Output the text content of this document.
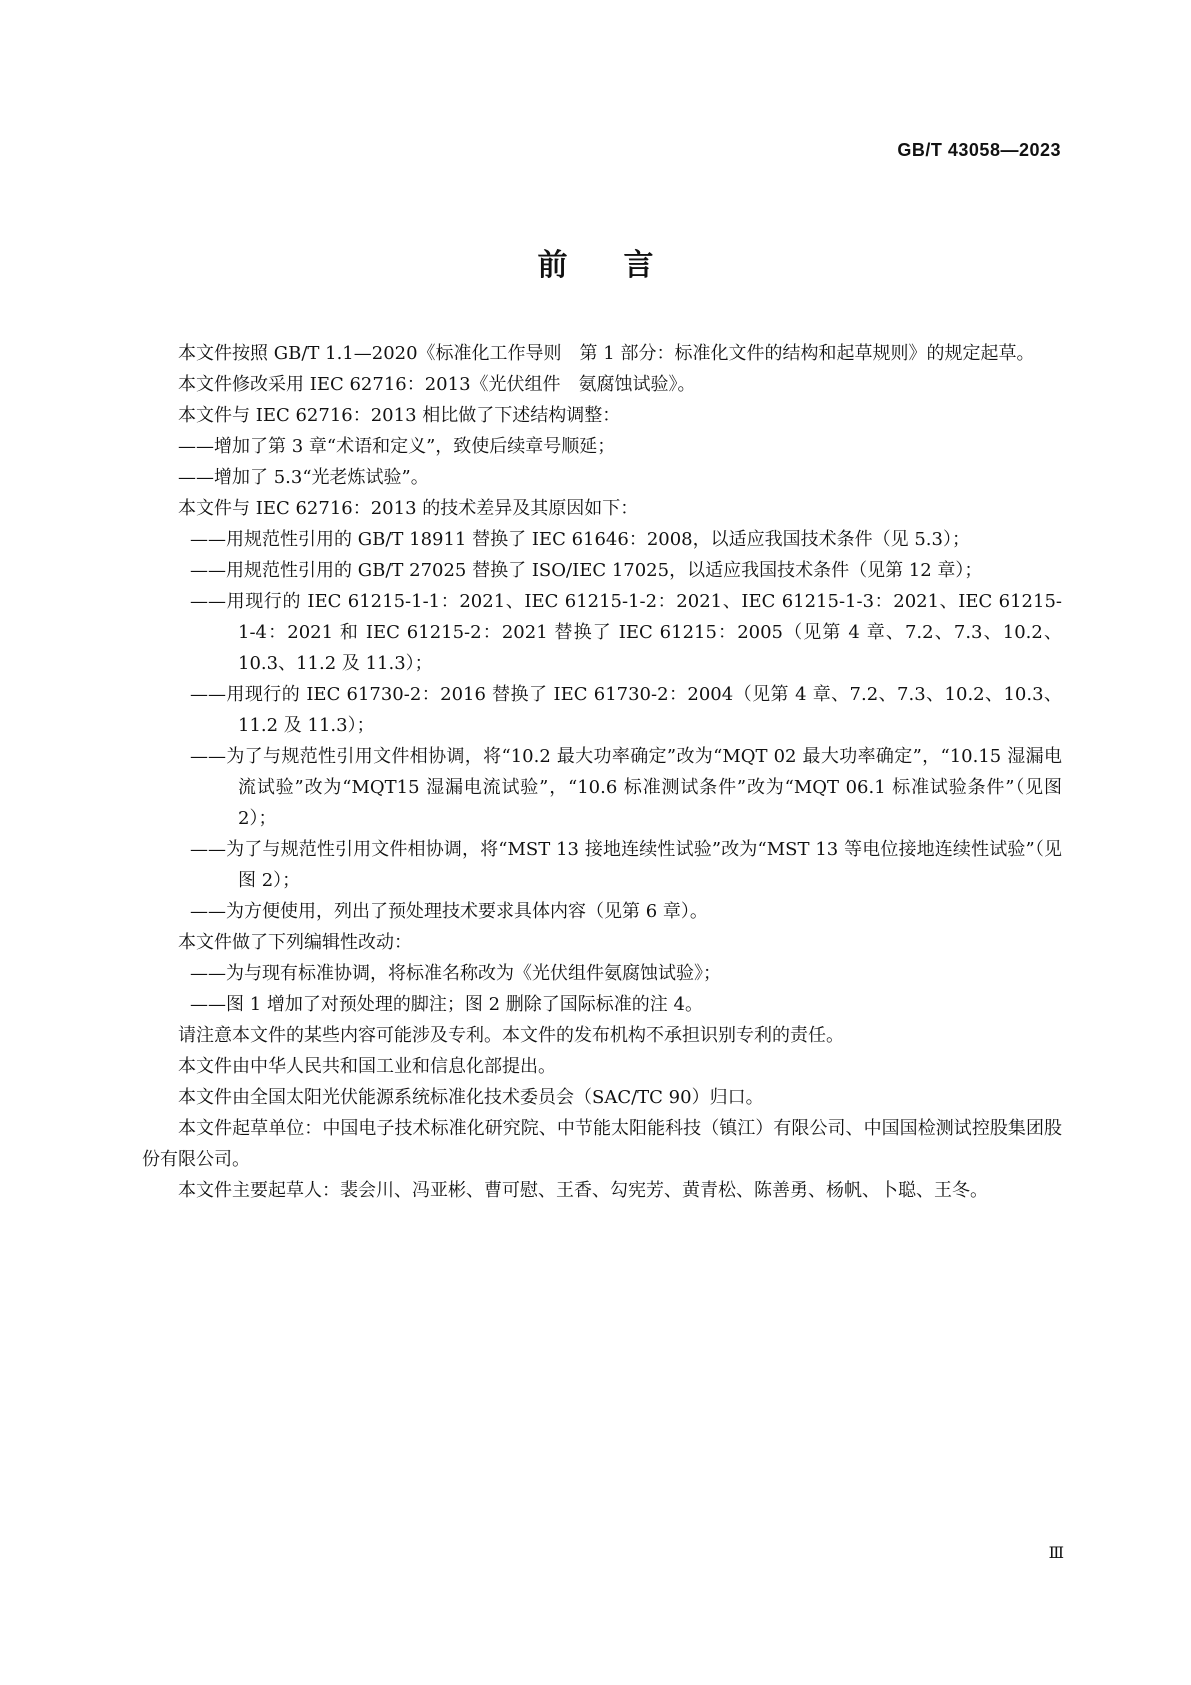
GB/T 43058—2023
前言

本文件按照 GB/T 1.1—2020《标准化工作导则　第 1 部分：标准化文件的结构和起草规则》的规定起草。

本文件修改采用 IEC 62716：2013《光伏组件　氨腐蚀试验》。

本文件与 IEC 62716：2013 相比做了下述结构调整：

——增加了第 3 章“术语和定义”，致使后续章号顺延；

——增加了 5.3“光老炼试验”。

本文件与 IEC 62716：2013 的技术差异及其原因如下：

——用规范性引用的 GB/T 18911 替换了 IEC 61646：2008，以适应我国技术条件（见 5.3）；

——用规范性引用的 GB/T 27025 替换了 ISO/IEC 17025，以适应我国技术条件（见第 12 章）；

——用现行的 IEC 61215-1-1：2021、IEC 61215-1-2：2021、IEC 61215-1-3：2021、IEC 61215-1-4：2021 和 IEC 61215-2：2021 替换了 IEC 61215：2005（见第 4 章、7.2、7.3、10.2、10.3、11.2 及 11.3）；

——用现行的 IEC 61730-2：2016 替换了 IEC 61730-2：2004（见第 4 章、7.2、7.3、10.2、10.3、11.2 及 11.3）；

——为了与规范性引用文件相协调，将“10.2 最大功率确定”改为“MQT 02 最大功率确定”，“10.15 湿漏电流试验”改为“MQT15 湿漏电流试验”，“10.6 标准测试条件”改为“MQT 06.1 标准试验条件”（见图 2）；

——为了与规范性引用文件相协调，将“MST 13 接地连续性试验”改为“MST 13 等电位接地连续性试验”（见图 2）；

——为方便使用，列出了预处理技术要求具体内容（见第 6 章）。

本文件做了下列编辑性改动：

——为与现有标准协调，将标准名称改为《光伏组件氨腐蚀试验》；

——图 1 增加了对预处理的脚注；图 2 删除了国际标准的注 4。

请注意本文件的某些内容可能涉及专利。本文件的发布机构不承担识别专利的责任。

本文件由中华人民共和国工业和信息化部提出。

本文件由全国太阳光伏能源系统标准化技术委员会（SAC/TC 90）归口。

本文件起草单位：中国电子技术标准化研究院、中节能太阳能科技（镇江）有限公司、中国国检测试控股集团股份有限公司。

本文件主要起草人：裴会川、冯亚彬、曹可慰、王香、勾宪芳、黄青松、陈善勇、杨帆、卜聪、王冬。

Ⅲ
